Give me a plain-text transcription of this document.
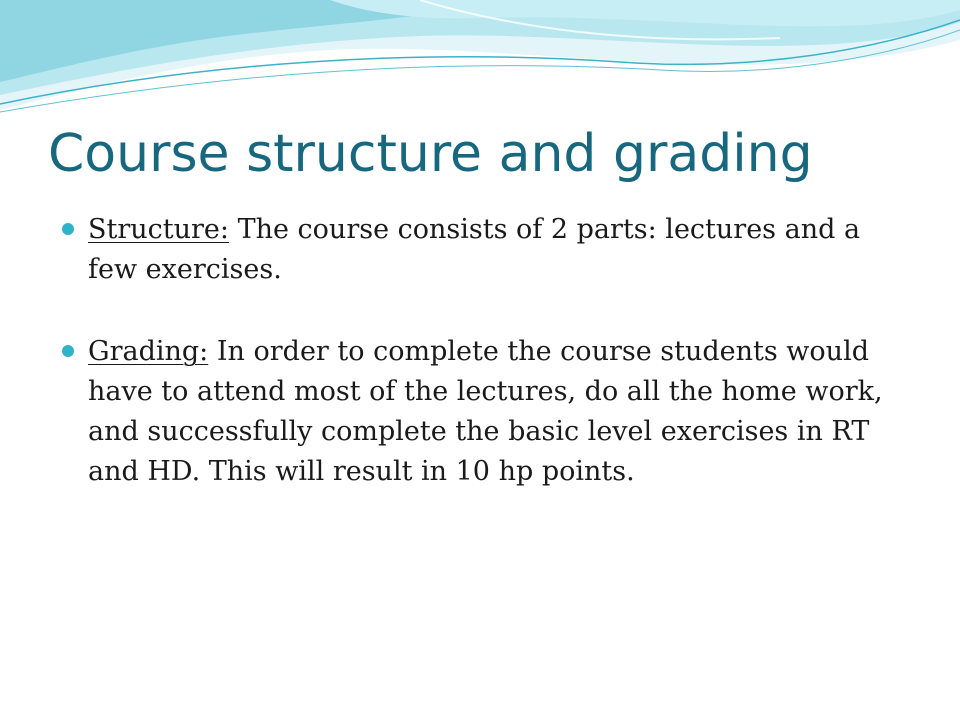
Course structure and grading
Structure: The course consists of 2 parts: lectures and a few exercises.
Grading: In order to complete the course students would have to attend most of the lectures, do all the home work, and successfully complete the basic level exercises in RT and HD. This will result in 10 hp points.
